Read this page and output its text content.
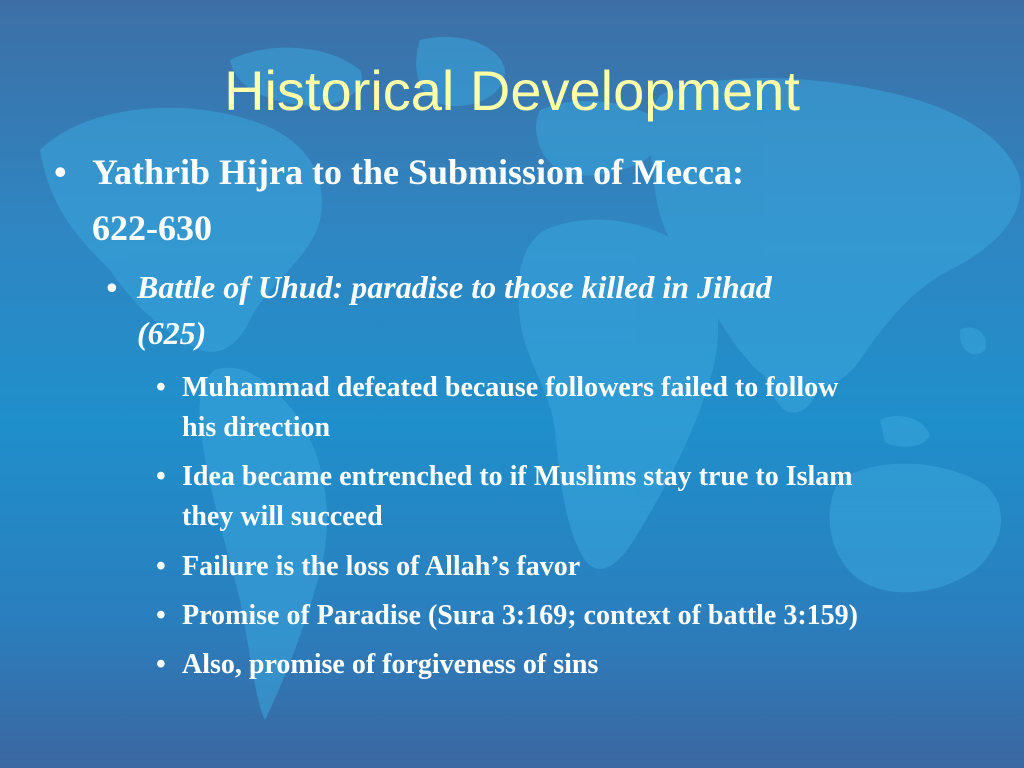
Historical Development
• Yathrib Hijra to the Submission of Mecca:
622-630
• Battle of Uhud: paradise to those killed in Jihad
(625)
• Muhammad defeated because followers failed to follow
his direction
• Idea became entrenched to if Muslims stay true to Islam
they will succeed
• Failure is the loss of Allah’s favor
• Promise of Paradise (Sura 3:169; context of battle 3:159)
• Also, promise of forgiveness of sins
